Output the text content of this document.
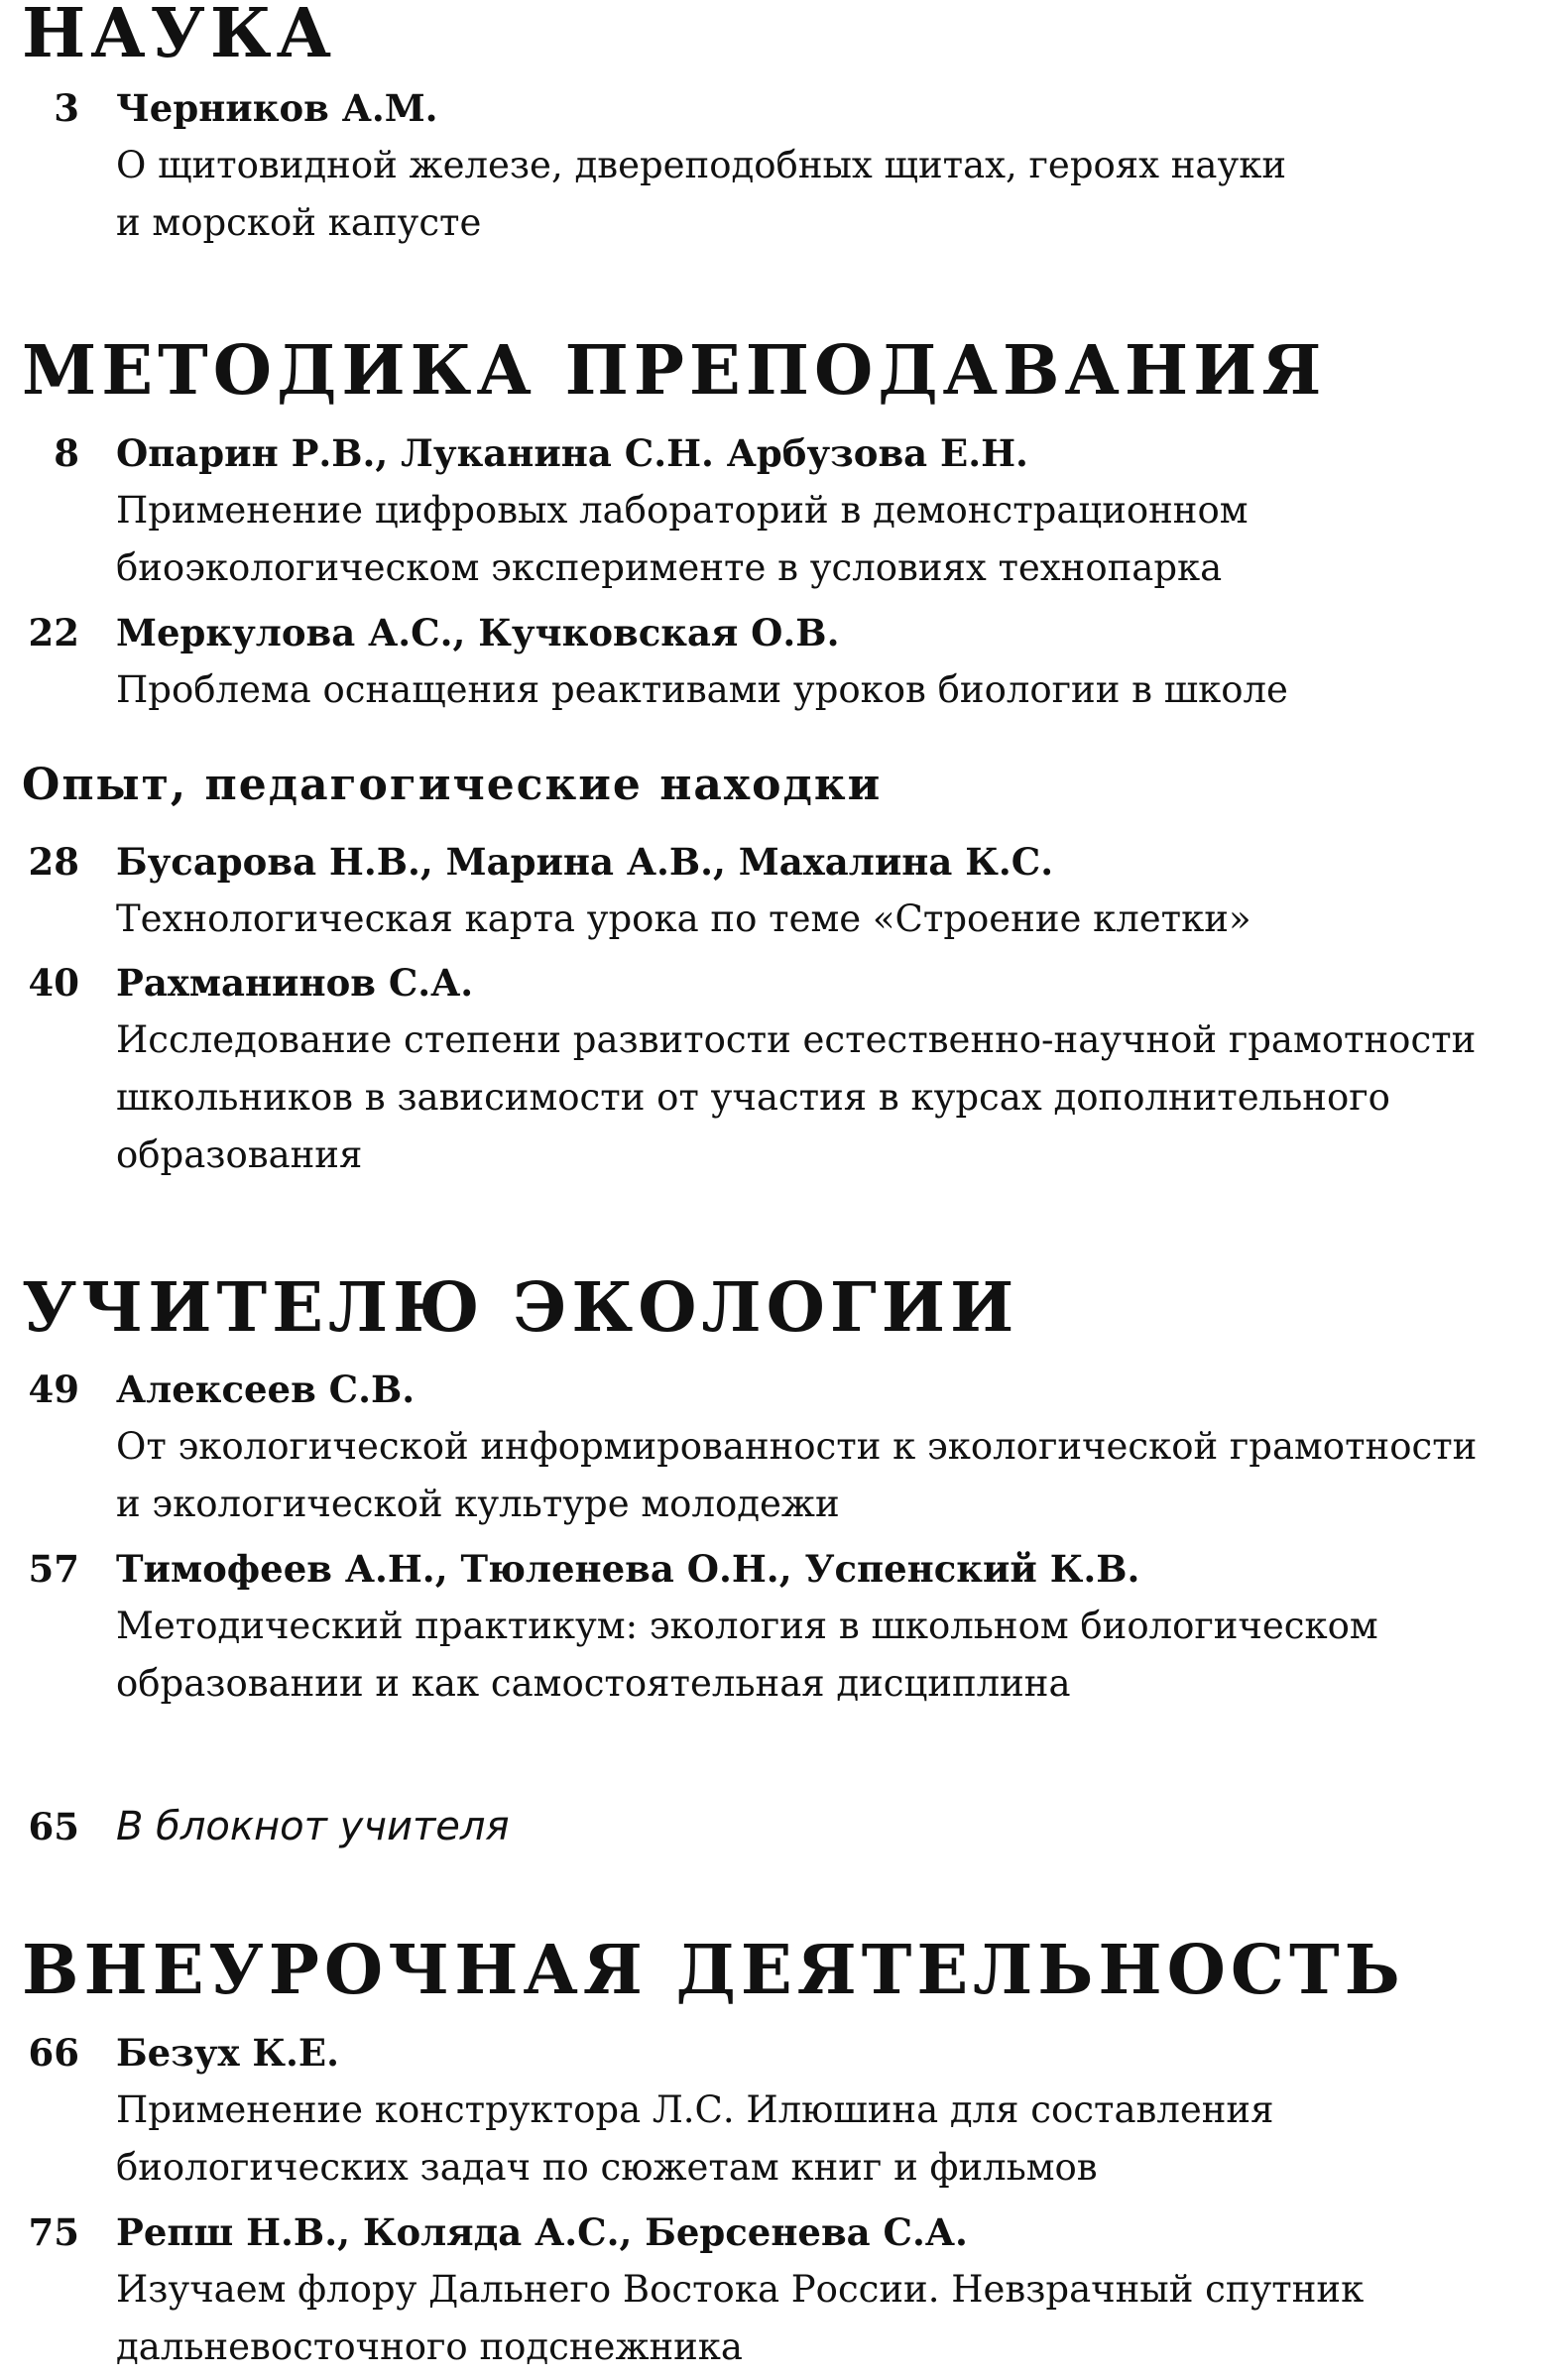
НАУКА
3 Черников А.М.
О щитовидной железе, двереподобных щитах, героях науки
и морской капусте
МЕТОДИКА ПРЕПОДАВАНИЯ
8 Опарин Р.В., Луканина С.Н. Арбузова Е.Н.
Применение цифровых лабораторий в демонстрационном
биоэкологическом эксперименте в условиях технопарка
22 Меркулова А.С., Кучковская О.В.
Проблема оснащения реактивами уроков биологии в школе
Опыт, педагогические находки
28 Бусарова Н.В., Марина А.В., Махалина К.С.
Технологическая карта урока по теме «Строение клетки»
40 Рахманинов С.А.
Исследование степени развитости естественно-научной грамотности
школьников в зависимости от участия в курсах дополнительного
образования
УЧИТЕЛЮ ЭКОЛОГИИ
49 Алексеев С.В.
От экологической информированности к экологической грамотности
и экологической культуре молодежи
57 Тимофеев А.Н., Тюленева О.Н., Успенский К.В.
Методический практикум: экология в школьном биологическом
образовании и как самостоятельная дисциплина
65 В блокнот учителя
ВНЕУРОЧНАЯ ДЕЯТЕЛЬНОСТЬ
66 Безух К.Е.
Применение конструктора Л.С. Илюшина для составления
биологических задач по сюжетам книг и фильмов
75 Репш Н.В., Коляда А.С., Берсенева С.А.
Изучаем флору Дальнего Востока России. Невзрачный спутник
дальневосточного подснежника
